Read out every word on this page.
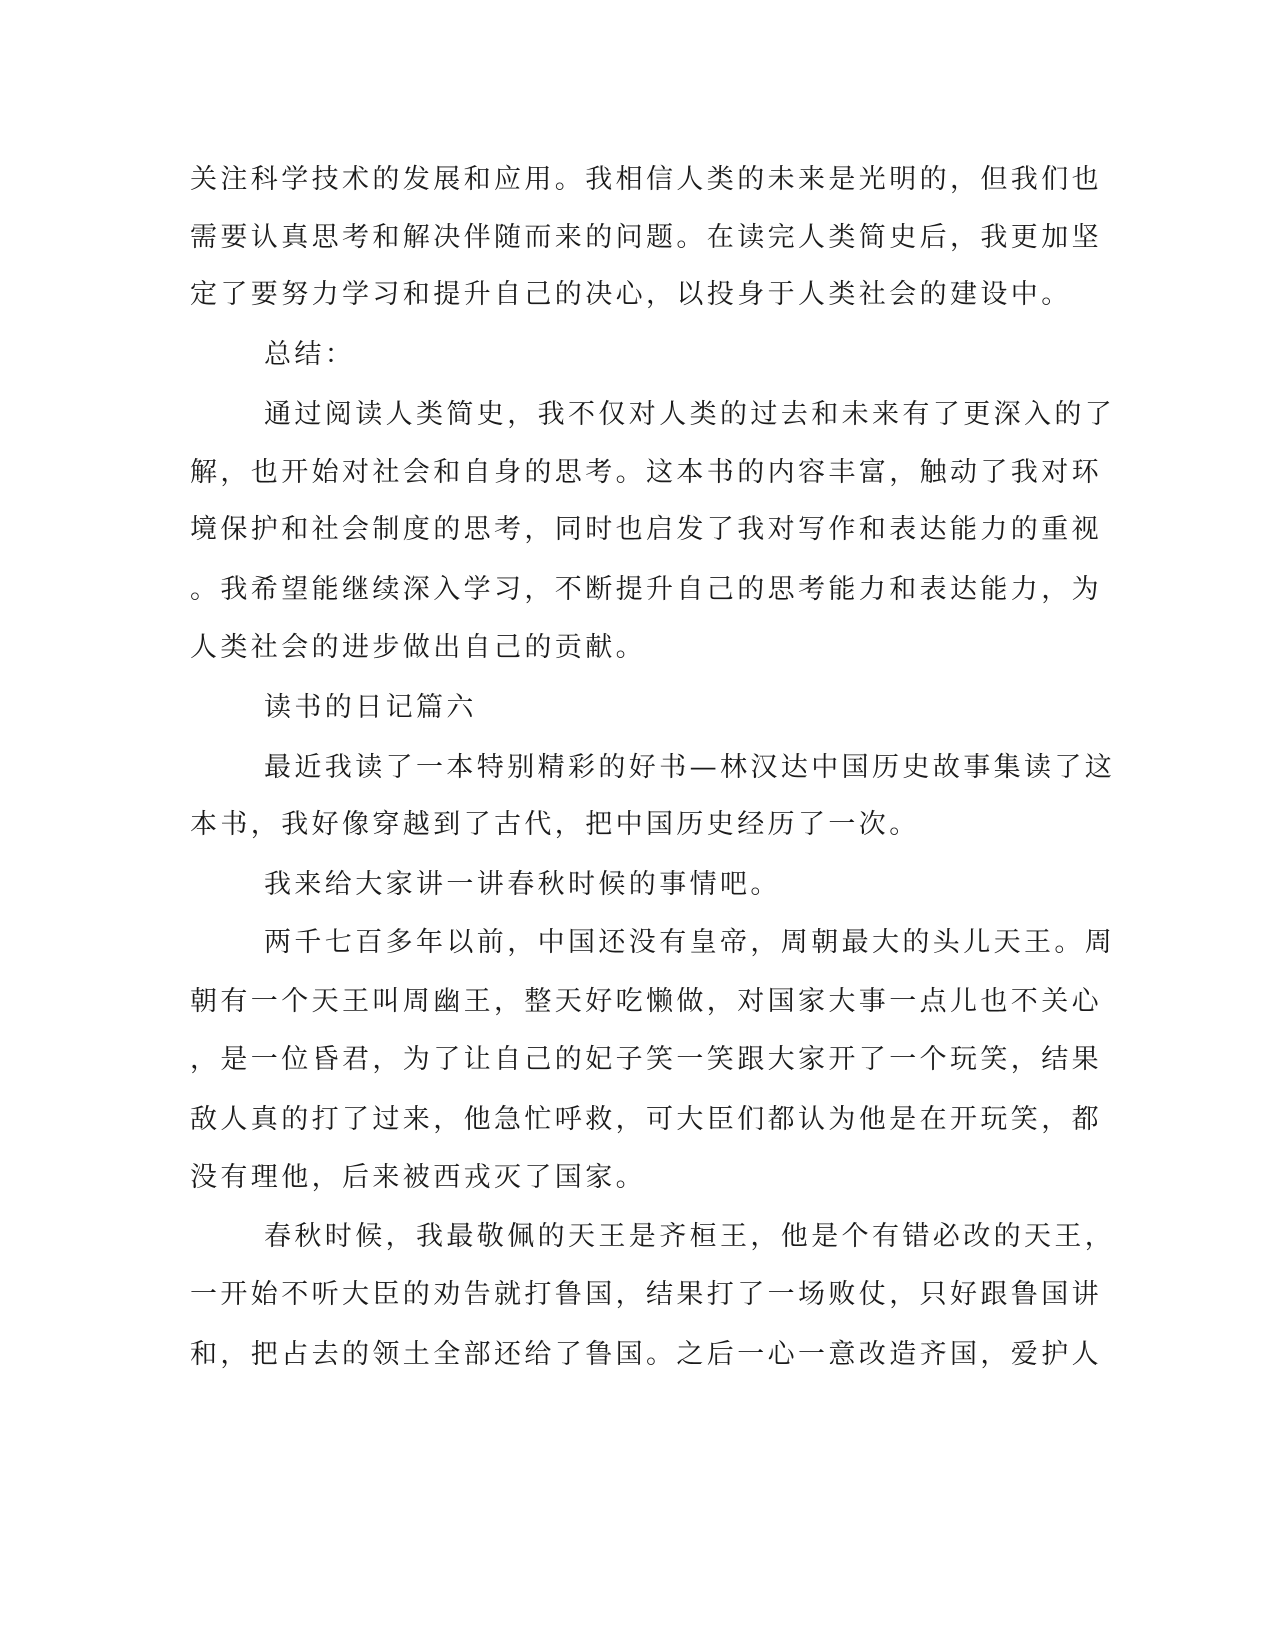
关注科学技术的发展和应用。我相信人类的未来是光明的，但我们也
需要认真思考和解决伴随而来的问题。在读完人类简史后，我更加坚
定了要努力学习和提升自己的决心，以投身于人类社会的建设中。
总结：
通过阅读人类简史，我不仅对人类的过去和未来有了更深入的了
解，也开始对社会和自身的思考。这本书的内容丰富，触动了我对环
境保护和社会制度的思考，同时也启发了我对写作和表达能力的重视
。我希望能继续深入学习，不断提升自己的思考能力和表达能力，为
人类社会的进步做出自己的贡献。
读书的日记篇六
最近我读了一本特别精彩的好书—林汉达中国历史故事集读了这
本书，我好像穿越到了古代，把中国历史经历了一次。
我来给大家讲一讲春秋时候的事情吧。
两千七百多年以前，中国还没有皇帝，周朝最大的头儿天王。周
朝有一个天王叫周幽王，整天好吃懒做，对国家大事一点儿也不关心
，是一位昏君，为了让自己的妃子笑一笑跟大家开了一个玩笑，结果
敌人真的打了过来，他急忙呼救，可大臣们都认为他是在开玩笑，都
没有理他，后来被西戎灭了国家。
春秋时候，我最敬佩的天王是齐桓王，他是个有错必改的天王，
一开始不听大臣的劝告就打鲁国，结果打了一场败仗，只好跟鲁国讲
和，把占去的领土全部还给了鲁国。之后一心一意改造齐国，爱护人
